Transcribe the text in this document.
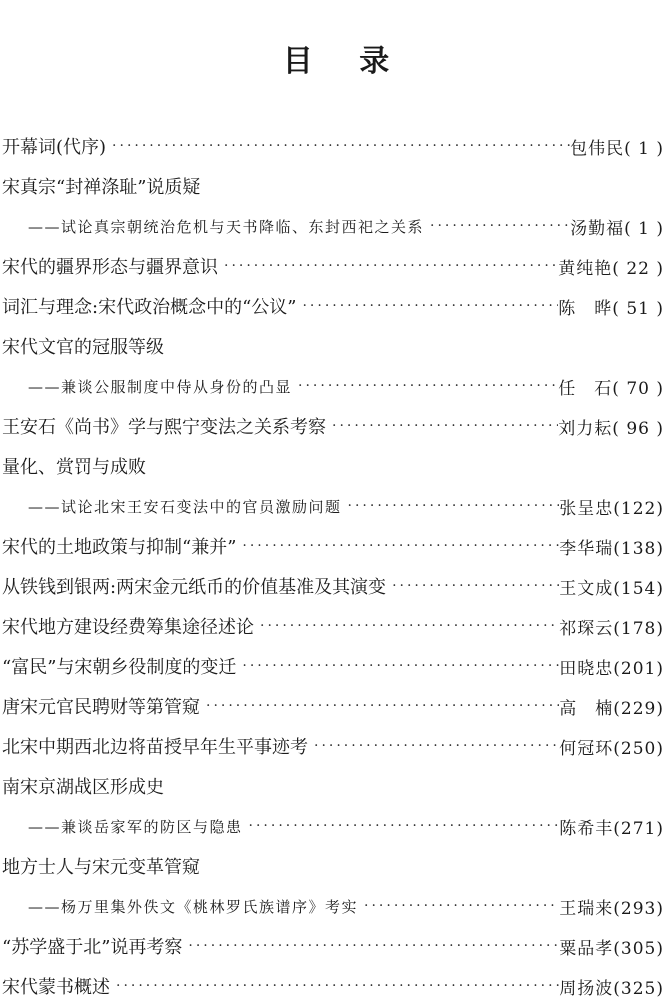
目 录
开幕词(代序) ·····	包伟民( 1 )
宋真宗“封禅涤耻”说质疑
——试论真宗朝统治危机与天书降临、东封西祀之关系 ·····	汤勤福( 1 )
宋代的疆界形态与疆界意识 ·····	黄纯艳( 22 )
词汇与理念:宋代政治概念中的“公议” ·····	陈　晔( 51 )
宋代文官的冠服等级
——兼谈公服制度中侍从身份的凸显 ·····	任　石( 70 )
王安石《尚书》学与熙宁变法之关系考察 ·····	刘力耘( 96 )
量化、赏罚与成败
——试论北宋王安石变法中的官员激励问题 ·····	张呈忠(122)
宋代的土地政策与抑制“兼并” ·····	李华瑞(138)
从铁钱到银两:两宋金元纸币的价值基准及其演变 ·····	王文成(154)
宋代地方建设经费筹集途径述论 ·····	祁琛云(178)
“富民”与宋朝乡役制度的变迁 ·····	田晓忠(201)
唐宋元官民聘财等第管窥 ·····	高　楠(229)
北宋中期西北边将苗授早年生平事迹考 ·····	何冠环(250)
南宋京湖战区形成史
——兼谈岳家军的防区与隐患 ·····	陈希丰(271)
地方士人与宋元变革管窥
——杨万里集外佚文《桃林罗氏族谱序》考实 ·····	王瑞来(293)
“苏学盛于北”说再考察 ·····	粟品孝(305)
宋代蒙书概述 ·····	周扬波(325)
